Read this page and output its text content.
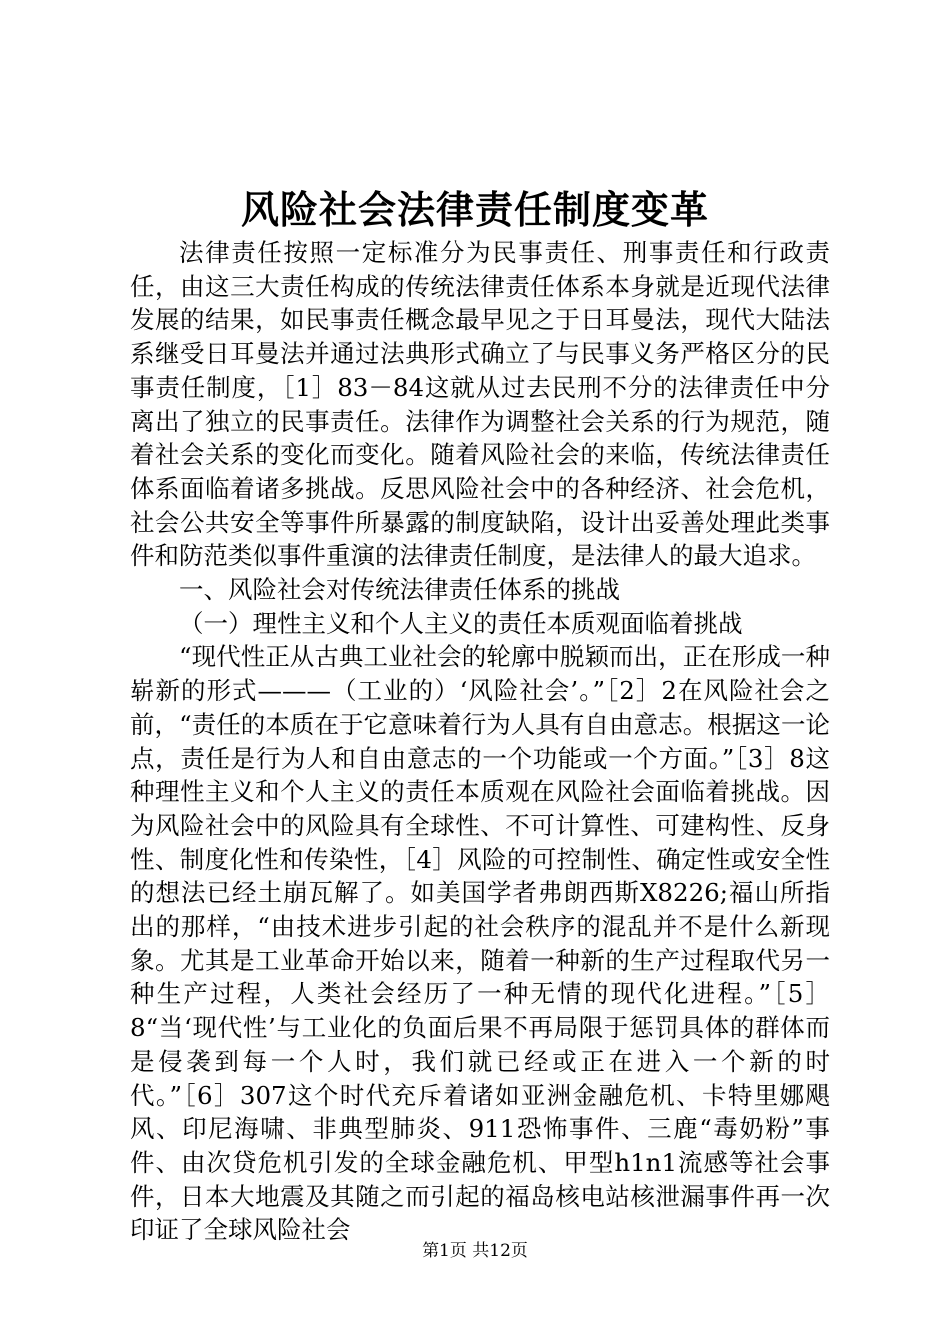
风险社会法律责任制度变革

法律责任按照一定标准分为民事责任、刑事责任和行政责任，由这三大责任构成的传统法律责任体系本身就是近现代法律发展的结果，如民事责任概念最早见之于日耳曼法，现代大陆法系继受日耳曼法并通过法典形式确立了与民事义务严格区分的民事责任制度，［1］83－84这就从过去民刑不分的法律责任中分离出了独立的民事责任。法律作为调整社会关系的行为规范，随着社会关系的变化而变化。随着风险社会的来临，传统法律责任体系面临着诸多挑战。反思风险社会中的各种经济、社会危机，社会公共安全等事件所暴露的制度缺陷，设计出妥善处理此类事件和防范类似事件重演的法律责任制度，是法律人的最大追求。

一、风险社会对传统法律责任体系的挑战

（一）理性主义和个人主义的责任本质观面临着挑战

“现代性正从古典工业社会的轮廓中脱颖而出，正在形成一种崭新的形式———（工业的）‘风险社会’。”［2］2在风险社会之前，“责任的本质在于它意味着行为人具有自由意志。根据这一论点，责任是行为人和自由意志的一个功能或一个方面。”［3］8这种理性主义和个人主义的责任本质观在风险社会面临着挑战。因为风险社会中的风险具有全球性、不可计算性、可建构性、反身性、制度化性和传染性，［4］风险的可控制性、确定性或安全性的想法已经土崩瓦解了。如美国学者弗朗西斯X8226;福山所指出的那样，“由技术进步引起的社会秩序的混乱并不是什么新现象。尤其是工业革命开始以来，随着一种新的生产过程取代另一种生产过程，人类社会经历了一种无情的现代化进程。”［5］8“当‘现代性’与工业化的负面后果不再局限于惩罚具体的群体而是侵袭到每一个人时，我们就已经或正在进入一个新的时代。”［6］307这个时代充斥着诸如亚洲金融危机、卡特里娜飓风、印尼海啸、非典型肺炎、911恐怖事件、三鹿“毒奶粉”事件、由次贷危机引发的全球金融危机、甲型h1n1流感等社会事件，日本大地震及其随之而引起的福岛核电站核泄漏事件再一次印证了全球风险社会

第1页 共12页
